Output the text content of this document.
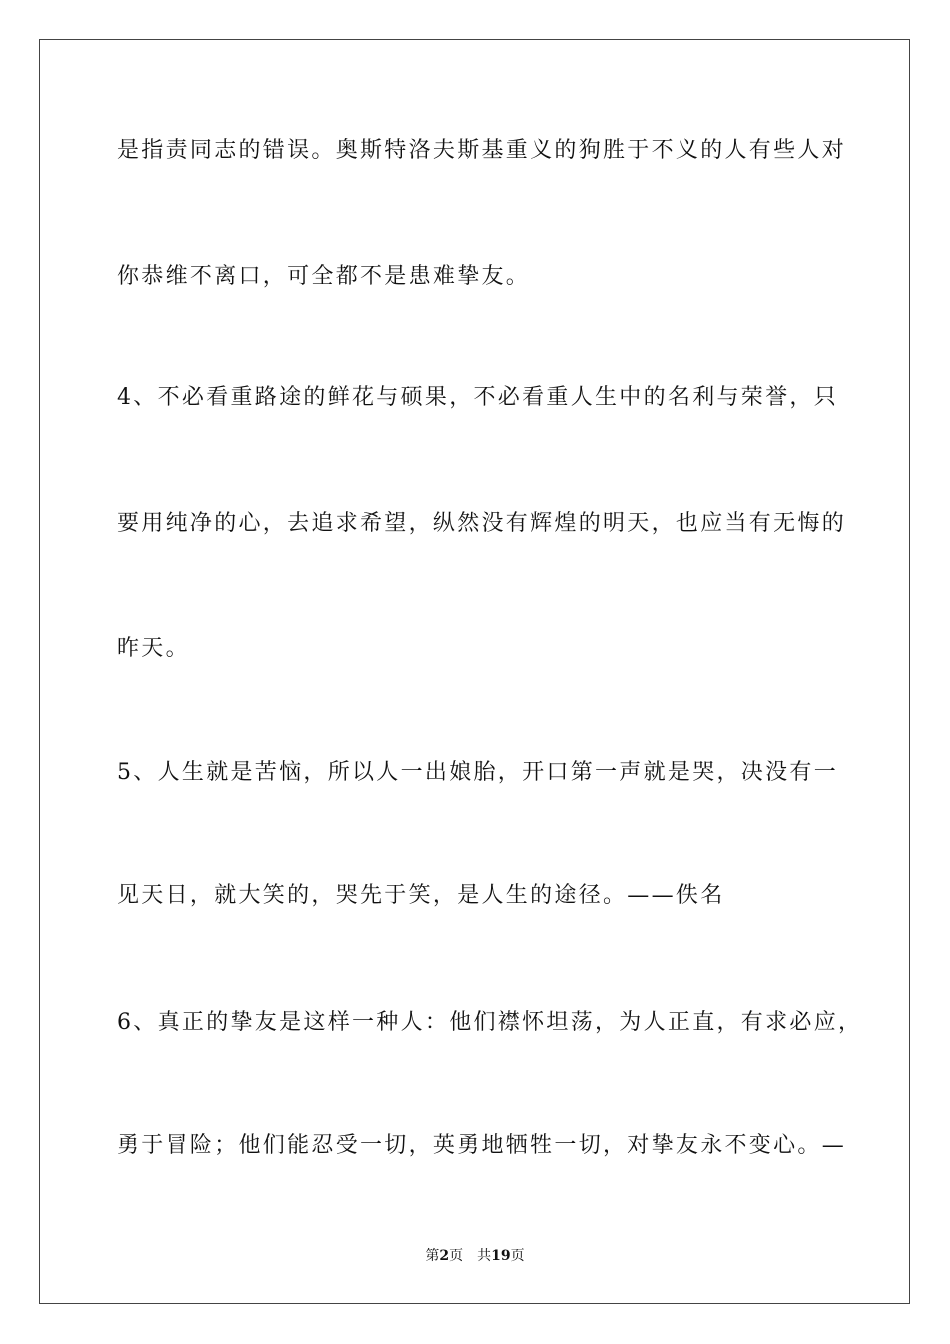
是指责同志的错误。奥斯特洛夫斯基重义的狗胜于不义的人有些人对
你恭维不离口，可全都不是患难挚友。
4、不必看重路途的鲜花与硕果，不必看重人生中的名利与荣誉，只
要用纯净的心，去追求希望，纵然没有辉煌的明天，也应当有无悔的
昨天。
5、人生就是苦恼，所以人一出娘胎，开口第一声就是哭，决没有一
见天日，就大笑的，哭先于笑，是人生的途径。——佚名
6、真正的挚友是这样一种人：他们襟怀坦荡，为人正直，有求必应，
勇于冒险；他们能忍受一切，英勇地牺牲一切，对挚友永不变心。—
第2页 共19页
